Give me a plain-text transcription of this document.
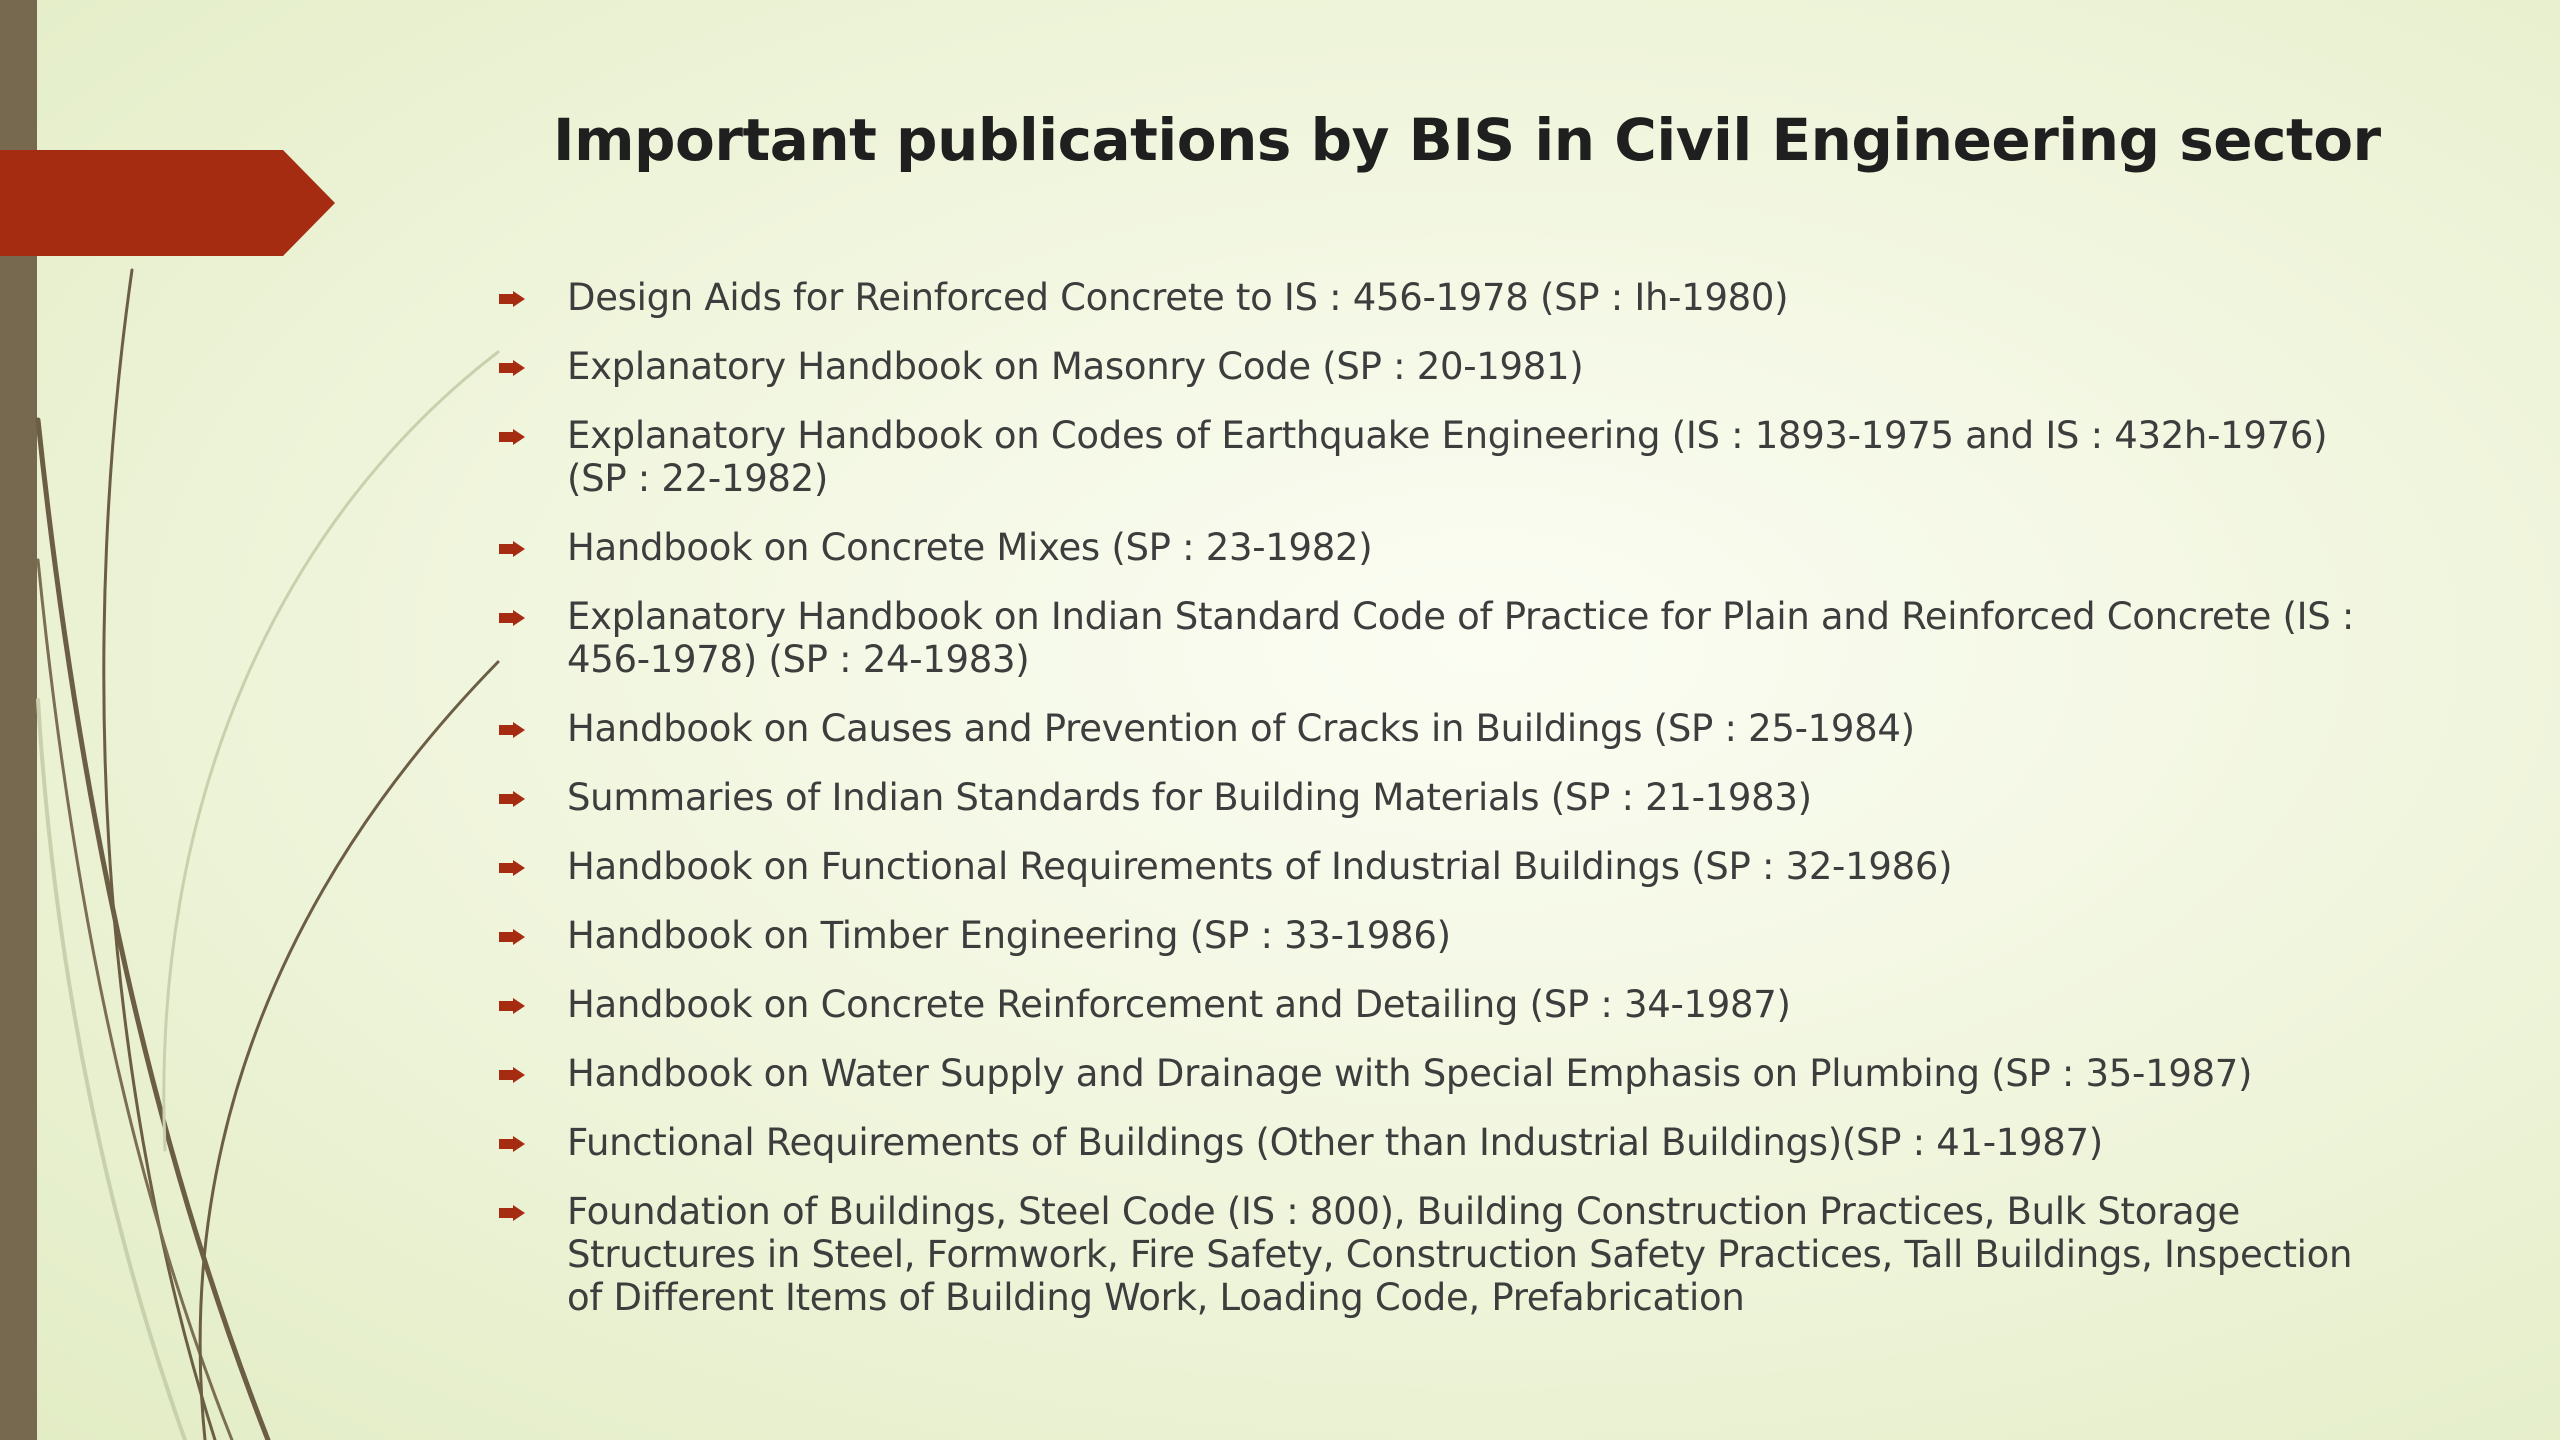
Important publications by BIS in Civil Engineering sector
Design Aids for Reinforced Concrete to IS : 456-1978 (SP : Ih-1980)
Explanatory Handbook on Masonry Code (SP : 20-1981)
Explanatory Handbook on Codes of Earthquake Engineering (IS : 1893-1975 and IS : 432h-1976) (SP : 22-1982)
Handbook on Concrete Mixes (SP : 23-1982)
Explanatory Handbook on Indian Standard Code of Practice for Plain and Reinforced Concrete (IS : 456-1978) (SP : 24-1983)
Handbook on Causes and Prevention of Cracks in Buildings (SP : 25-1984)
Summaries of Indian Standards for Building Materials (SP : 21-1983)
Handbook on Functional Requirements of Industrial Buildings (SP : 32-1986)
Handbook on Timber Engineering (SP : 33-1986)
Handbook on Concrete Reinforcement and Detailing (SP : 34-1987)
Handbook on Water Supply and Drainage with Special Emphasis on Plumbing (SP : 35-1987)
Functional Requirements of Buildings (Other than Industrial Buildings)(SP : 41-1987)
Foundation of Buildings, Steel Code (IS : 800), Building Construction Practices, Bulk Storage Structures in Steel, Formwork, Fire Safety, Construction Safety Practices, Tall Buildings, Inspection of Different Items of Building Work, Loading Code, Prefabrication
